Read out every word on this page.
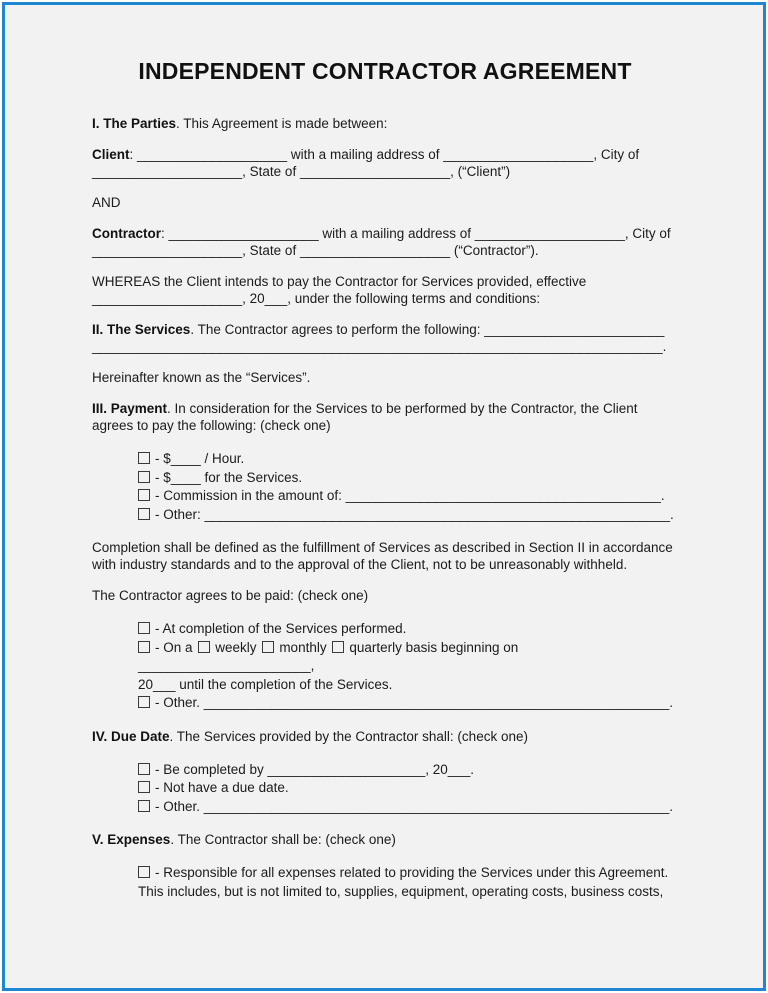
INDEPENDENT CONTRACTOR AGREEMENT

I. The Parties. This Agreement is made between:

Client: ____________________ with a mailing address of ____________________, City of ____________________, State of ____________________, (“Client”)

AND

Contractor: ____________________ with a mailing address of ____________________, City of ____________________, State of ____________________ (“Contractor”).

WHEREAS the Client intends to pay the Contractor for Services provided, effective ____________________, 20___, under the following terms and conditions:

II. The Services. The Contractor agrees to perform the following: ________________________
____________________________________________________________________________.

Hereinafter known as the “Services”.

III. Payment. In consideration for the Services to be performed by the Contractor, the Client agrees to pay the following: (check one)

- $____ / Hour.
- $____ for the Services.
- Commission in the amount of: __________________________________________.
- Other: ______________________________________________________________.

Completion shall be defined as the fulfillment of Services as described in Section II in accordance with industry standards and to the approval of the Client, not to be unreasonably withheld.

The Contractor agrees to be paid: (check one)

- At completion of the Services performed.
- On a weekly monthly quarterly basis beginning on _______________________,
20___ until the completion of the Services.
- Other. ______________________________________________________________.

IV. Due Date. The Services provided by the Contractor shall: (check one)

- Be completed by _____________________, 20___.
- Not have a due date.
- Other. ______________________________________________________________.

V. Expenses. The Contractor shall be: (check one)

- Responsible for all expenses related to providing the Services under this Agreement. This includes, but is not limited to, supplies, equipment, operating costs, business costs,
